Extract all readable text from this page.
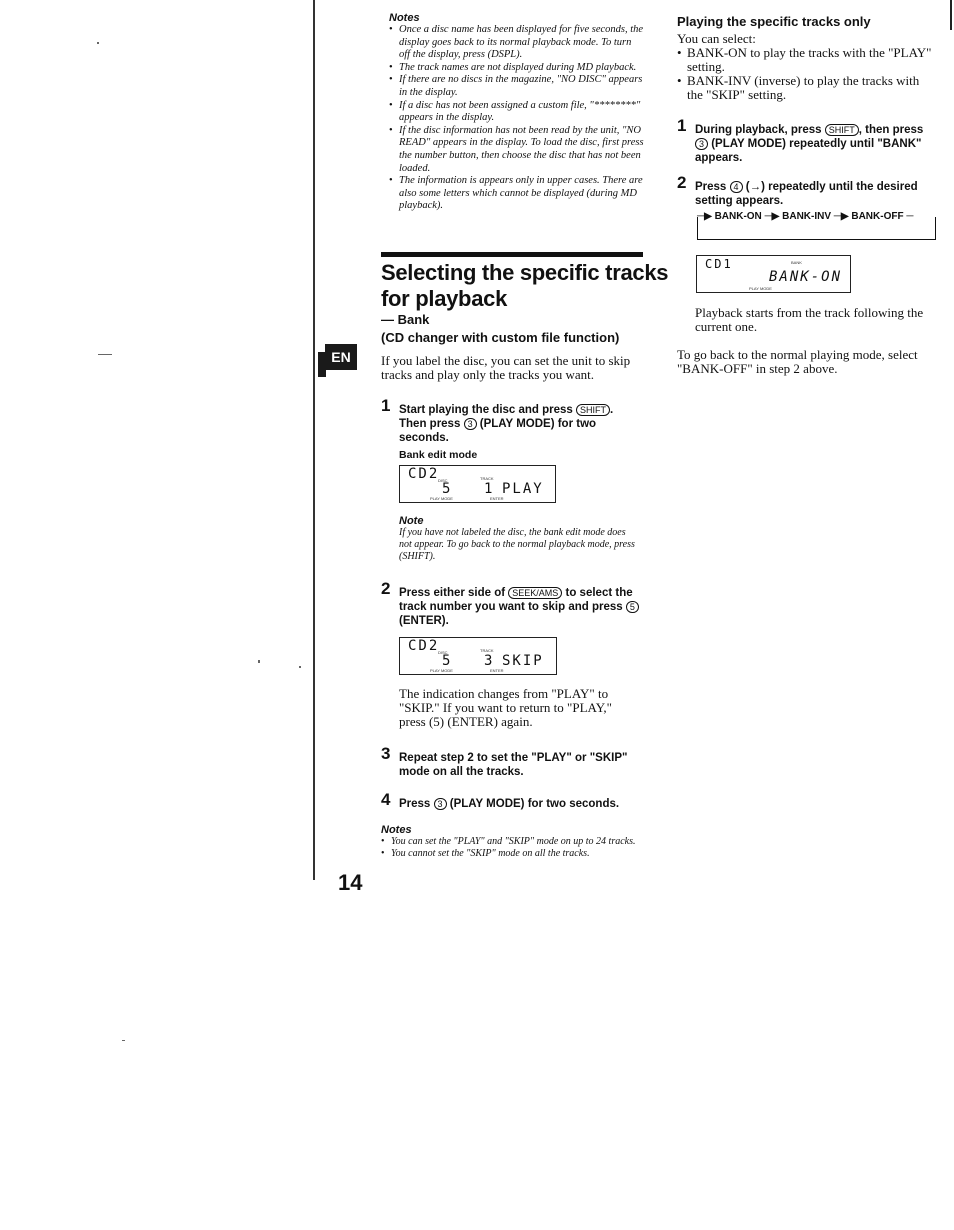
EN
Notes
• Once a disc name has been displayed for five seconds, the display goes back to its normal playback mode. To turn off the display, press (DSPL).
• The track names are not displayed during MD playback.
• If there are no discs in the magazine, "NO DISC" appears in the display.
• If a disc has not been assigned a custom file, "********" appears in the display.
• If the disc information has not been read by the unit, "NO READ" appears in the display. To load the disc, first press the number button, then choose the disc that has not been loaded.
• The information is appears only in upper cases. There are also some letters which cannot be displayed (during MD playback).
Selecting the specific tracks for playback
— Bank
(CD changer with custom file function)
If you label the disc, you can set the unit to skip tracks and play only the tracks you want.
1 Start playing the disc and press SHIFT . Then press 3 (PLAY MODE) for two seconds.
Bank edit mode
CD2
DISC
5
TRACK
1 PLAY
PLAY MODE	ENTER
Note
If you have not labeled the disc, the bank edit mode does not appear. To go back to the normal playback mode, press (SHIFT).
2 Press either side of SEEK/AMS to select the track number you want to skip and press 5 (ENTER).
CD2
DISC
5
TRACK
3 SKIP
PLAY MODE	ENTER
The indication changes from "PLAY" to "SKIP." If you want to return to "PLAY," press (5) (ENTER) again.
3 Repeat step 2 to set the "PLAY" or "SKIP" mode on all the tracks.
4 Press 3 (PLAY MODE) for two seconds.
Notes
• You can set the "PLAY" and "SKIP" mode on up to 24 tracks.
• You cannot set the "SKIP" mode on all the tracks.
14
Playing the specific tracks only
You can select:
• BANK-ON to play the tracks with the "PLAY" setting.
• BANK-INV (inverse) to play the tracks with the "SKIP" setting.
1 During playback, press SHIFT , then press 3 (PLAY MODE) repeatedly until "BANK" appears.
2 Press 4 (→) repeatedly until the desired setting appears.
─▶ BANK-ON ─▶ BANK-INV ─▶ BANK-OFF ─
CD1	BANK
BANK-ON
PLAY MODE
Playback starts from the track following the current one.
To go back to the normal playing mode, select "BANK-OFF" in step 2 above.
